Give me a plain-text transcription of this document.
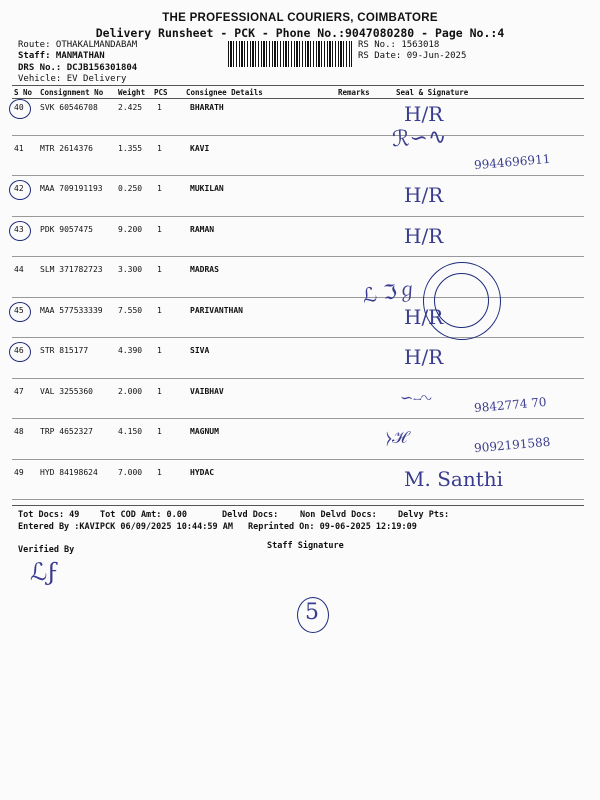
THE PROFESSIONAL COURIERS, COIMBATORE
Delivery Runsheet - PCK - Phone No.:9047080280 - Page No.:4
Route: OTHAKALMANDABAM
Staff: MANMATHAN
DRS No.: DCJB156301804
Vehicle: EV Delivery
RS No.: 1563018
RS Date: 09-Jun-2025
S No Consignment No Weight PCS Consignee Details	Remarks	Seal & Signature
40 SVK 60546708	2.425 1	BHARATH	H/R
41 MTR 2614376	1.355 1	KAVI
9944696911
42 MAA 709191193 0.250 1	MUKILAN	H/R
43 PDK 9057475	9.200 1	RAMAN	H/R
44 SLM 371782723 3.300 1	MADRAS
45 MAA 577533339 7.550 1	PARIVANTHAN	H/R
46 STR 815177	4.390 1	SIVA	H/R
47 VAL 3255360	2.000 1	VAIBHAV
9842774 70
48 TRP 4652327	4.150 1	MAGNUM
9092191588
49 HYD 84198624	7.000 1	HYDAC	M. Santhi
ℒ ℑℊ
ℛ∽∿
∽⧿∿
⧽ℋ
Tot Docs: 49 Tot COD Amt: 0.00	Delvd Docs:	Non Delvd Docs: Delvy Pts:
Entered By :KAVIPCK 06/09/2025 10:44:59 AM Reprinted On: 09-06-2025 12:19:09
Verified By	Staff Signature
ℒϝ
5
